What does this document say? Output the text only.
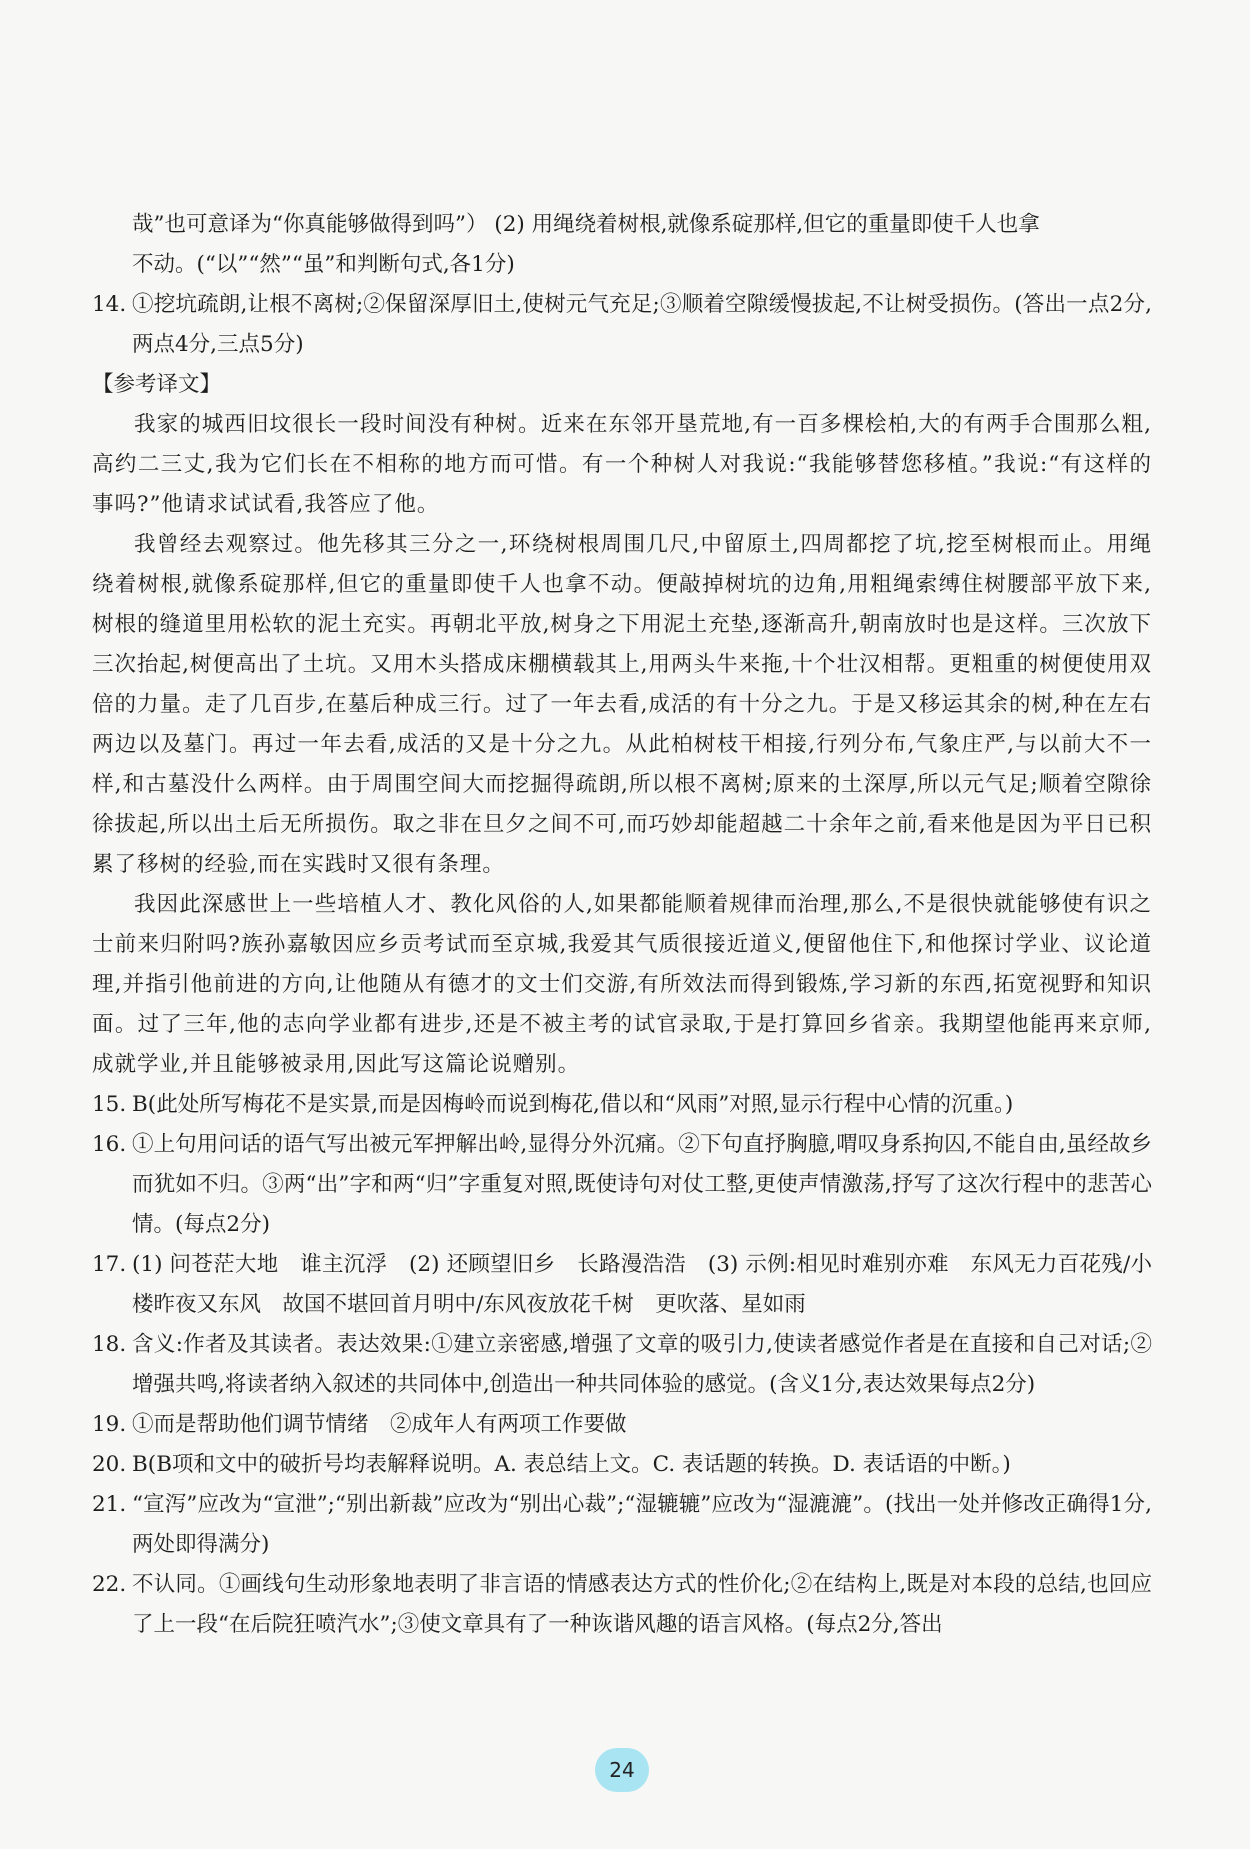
哉”也可意译为“你真能够做得到吗”） (2) 用绳绕着树根,就像系碇那样,但它的重量即使千人也拿

不动。(“以”“然”“虽”和判断句式,各1分)

14. ①挖坑疏朗,让根不离树;②保留深厚旧土,使树元气充足;③顺着空隙缓慢拔起,不让树受损伤。(答出一点2分,两点4分,三点5分)

【参考译文】

我家的城西旧坟很长一段时间没有种树。近来在东邻开垦荒地,有一百多棵桧柏,大的有两手合围那么粗,高约二三丈,我为它们长在不相称的地方而可惜。有一个种树人对我说:“我能够替您移植。”我说:“有这样的事吗?”他请求试试看,我答应了他。

我曾经去观察过。他先移其三分之一,环绕树根周围几尺,中留原土,四周都挖了坑,挖至树根而止。用绳绕着树根,就像系碇那样,但它的重量即使千人也拿不动。便敲掉树坑的边角,用粗绳索缚住树腰部平放下来,树根的缝道里用松软的泥土充实。再朝北平放,树身之下用泥土充垫,逐渐高升,朝南放时也是这样。三次放下三次抬起,树便高出了土坑。又用木头搭成床棚横载其上,用两头牛来拖,十个壮汉相帮。更粗重的树便使用双倍的力量。走了几百步,在墓后种成三行。过了一年去看,成活的有十分之九。于是又移运其余的树,种在左右两边以及墓门。再过一年去看,成活的又是十分之九。从此柏树枝干相接,行列分布,气象庄严,与以前大不一样,和古墓没什么两样。由于周围空间大而挖掘得疏朗,所以根不离树;原来的土深厚,所以元气足;顺着空隙徐徐拔起,所以出土后无所损伤。取之非在旦夕之间不可,而巧妙却能超越二十余年之前,看来他是因为平日已积累了移树的经验,而在实践时又很有条理。

我因此深感世上一些培植人才、教化风俗的人,如果都能顺着规律而治理,那么,不是很快就能够使有识之士前来归附吗?族孙嘉敏因应乡贡考试而至京城,我爱其气质很接近道义,便留他住下,和他探讨学业、议论道理,并指引他前进的方向,让他随从有德才的文士们交游,有所效法而得到锻炼,学习新的东西,拓宽视野和知识面。过了三年,他的志向学业都有进步,还是不被主考的试官录取,于是打算回乡省亲。我期望他能再来京师,成就学业,并且能够被录用,因此写这篇论说赠别。

15. B(此处所写梅花不是实景,而是因梅岭而说到梅花,借以和“风雨”对照,显示行程中心情的沉重。)
16. ①上句用问话的语气写出被元军押解出岭,显得分外沉痛。②下句直抒胸臆,喟叹身系拘囚,不能自由,虽经故乡而犹如不归。③两“出”字和两“归”字重复对照,既使诗句对仗工整,更使声情激荡,抒写了这次行程中的悲苦心情。(每点2分)
17. (1) 问苍茫大地　谁主沉浮　(2) 还顾望旧乡　长路漫浩浩　(3) 示例:相见时难别亦难　东风无力百花残/小楼昨夜又东风　故国不堪回首月明中/东风夜放花千树　更吹落、星如雨
18. 含义:作者及其读者。表达效果:①建立亲密感,增强了文章的吸引力,使读者感觉作者是在直接和自己对话;②增强共鸣,将读者纳入叙述的共同体中,创造出一种共同体验的感觉。(含义1分,表达效果每点2分)
19. ①而是帮助他们调节情绪　②成年人有两项工作要做
20. B(B项和文中的破折号均表解释说明。A. 表总结上文。C. 表话题的转换。D. 表话语的中断。)
21. “宣泻”应改为“宣泄”;“别出新裁”应改为“别出心裁”;“湿辘辘”应改为“湿漉漉”。(找出一处并修改正确得1分,两处即得满分)
22. 不认同。①画线句生动形象地表明了非言语的情感表达方式的性价化;②在结构上,既是对本段的总结,也回应了上一段“在后院狂喷汽水”;③使文章具有了一种诙谐风趣的语言风格。(每点2分,答出
24
